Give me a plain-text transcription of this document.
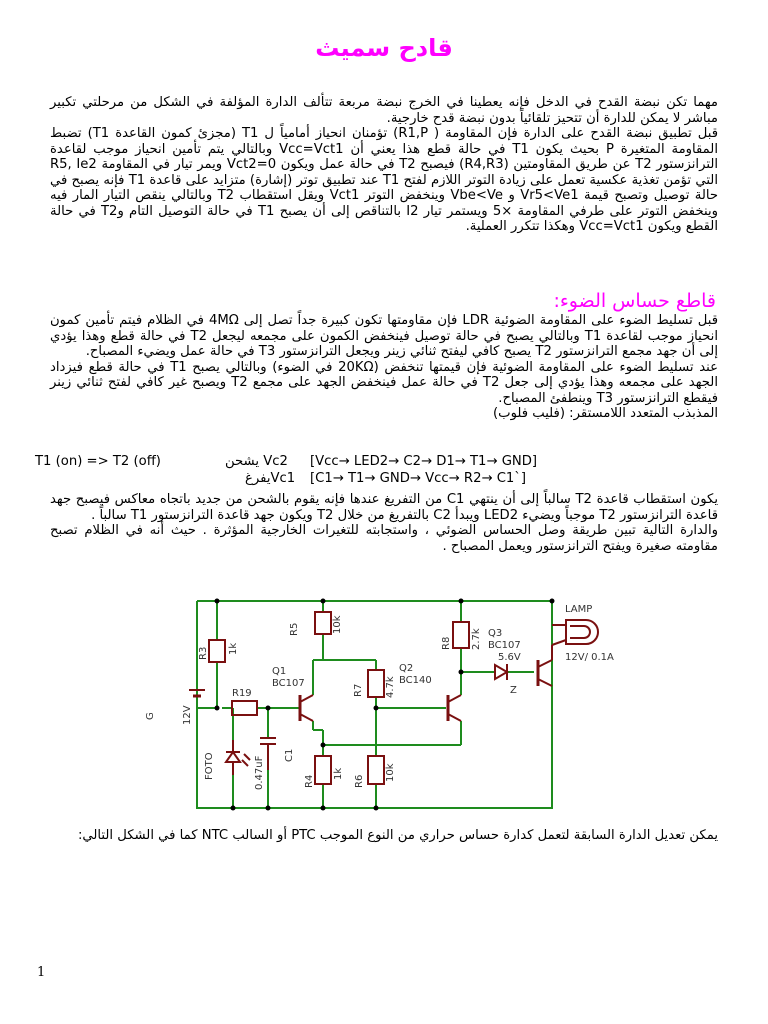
قادح سميث

مهما تكن نبضة القدح في الدخل فإنه يعطينا في الخرج نبضة مربعة تتألف الدارة المؤلفة في الشكل من مرحلتي تكبير مباشر لا يمكن للدارة أن تتحيز تلقائياً بدون نبضة قدح خارجية.

قبل تطبيق نبضة القدح على الدارة فإن المقاومة ( R1,P) تؤمنان انحياز أمامياً ل T1 (مجزئ كمون القاعدة T1) تضبط المقاومة المتغيرة P بحيث يكون T1 في حالة قطع هذا يعني أن Vcc=Vct1 وبالتالي يتم تأمين انحياز موجب لقاعدة الترانزستور T2 عن طريق المقاومتين (R4,R3) فيصبح T2 في حالة عمل ويكون Vct2=0 ويمر تيار في المقاومة R5, Ie2 التي تؤمن تغذية عكسية تعمل على زيادة التوتر اللازم لفتح T1 عند تطبيق توتر (إشارة) متزايد على قاعدة T1 فإنه يصبح في حالة توصيل وتصبح قيمة Vr5<Ve1 و Vbe<Ve وينخفض التوتر Vct1 ويقل استقطاب T2 وبالتالي ينقص التيار المار فيه وينخفض التوتر على طرفي المقاومة ×5 ويستمر تيار I2 بالتناقص إلى أن يصبح T1 في حالة التوصيل التام وT2 في حالة القطع ويكون Vcc=Vct1 وهكذا تتكرر العملية.

قاطع حساس الضوء:

قبل تسليط الضوء على المقاومة الضوئية LDR فإن مقاومتها تكون كبيرة جداً تصل إلى 4MΩ في الظلام فيتم تأمين كمون انحياز موجب لقاعدة T1 وبالتالي يصبح في حالة توصيل فينخفض الكمون على مجمعه ليجعل T2 في حالة قطع وهذا يؤدي إلى أن جهد مجمع الترانزستور T2 يصبح كافي ليفتح ثنائي زينر ويجعل الترانزستور T3 في حالة عمل ويضيء المصباح.

عند تسليط الضوء على المقاومة الضوئية فإن قيمتها تنخفض (20KΩ في الضوء) وبالتالي يصبح T1 في حالة قطع فيزداد الجهد على مجمعه وهذا يؤدي إلى جعل T2 في حالة عمل فينخفض الجهد على مجمع T2 ويصبح غير كافي لفتح ثنائي زينر فيقطع الترانزستور T3 وينطفئ المصباح.

المذبذب المتعدد اللامستقر: (فليب فلوب)

T1 (on) => T2 (off)	Vc2 يشحن [Vcc→ LED2→ C2→ D1→ T1→ GND]
Vc1يفرغ [C1→ T1→ GND→ Vcc→ R2→ C1`]

يكون استقطاب قاعدة T2 سالباً إلى أن ينتهي C1 من التفريغ عندها فإنه يقوم بالشحن من جديد باتجاه معاكس فيصبح جهد قاعدة الترانزستور T2 موجباً ويضيء LED2 ويبدأ C2 بالتفريغ من خلال T2 ويكون جهد قاعدة الترانزستور T1 سالباً .

والدارة التالية تبين طريقة وصل الحساس الضوئي ، واستجابته للتغيرات الخارجية المؤثرة . حيث أنه في الظلام تصبح مقاومته صغيرة ويفتح الترانزستور ويعمل المصباح .

LAMP
12V/ 0.1A
R3 1k
R5	10k
R8 2.7k
Q1
BC107
Q2
BC140
Q3
BC107
R7 4.7k
R19
5.6V
Z
G	12V
FOTO	C1
0.47uF	R4
1k
R6 10k

يمكن تعديل الدارة السابقة لتعمل كدارة حساس حراري من النوع الموجب PTC أو السالب NTC كما في الشكل التالي:

1
